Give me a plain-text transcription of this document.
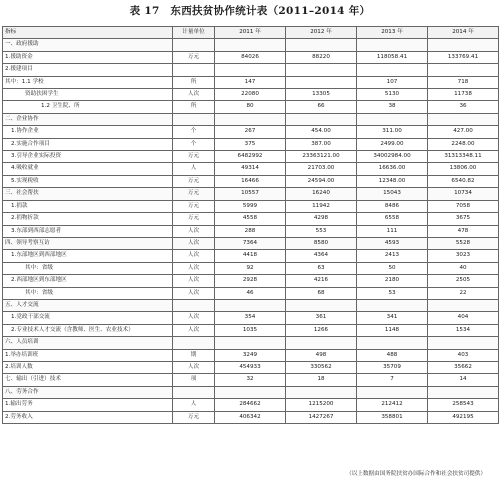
表 17　东西扶贫协作统计表（2011–2014 年）
指标	计量单位	2011 年	2012 年	2013 年	2014 年
一、政府援助					
1.援助资金	万元	84026	88220	118058.41	133769.41
2.援建项目					
其中：1.1 学校	所	147		107	718
资助扶困学生	人次	22080	13305	5130	11738
1.2 卫生院、所	所	80	66	38	36
二、企业协作					
1.协作企业	个	267	454.00	311.00	427.00
2.实施合作项目	个	375	387.00	2499.00	2248.00
3.引导企业实际投资	万元	6482992	23363121.00	34002984.00	31313348.11
4.吸收就业	人	49314	21703.00	16636.00	13806.00
5.实现税收	万元	16466	24594.00	12348.00	6540.82
三、社会帮扶	万元	10557	16240	15043	10734
1.捐款	万元	5999	11942	8486	7058
2.捐物折款	万元	4558	4298	6558	3675
3.东部到西部志愿者	人次	288	553	111	478
四、领导考察互访	人次	7364	8580	4593	5528
1.东部地区到西部地区	人次	4418	4364	2413	3023
其中：省级	人次	92	63	50	40
2.西部地区到东部地区	人次	2928	4216	2180	2505
其中：省级	人次	46	68	53	22
五、人才交流					
1.党政干部交流	人次	354	361	341	404
2.专业技术人才交流（含教师、医生、农业技术）	人次	1035	1266	1148	1534
六、人员培训					
1.举办培训班	期	3249	498	488	403
2.培训人数	人次	454933	330562	35709	35662
七、输出（引进）技术	项	32	18	7	14
八、劳务合作					
1.输出劳务	人	284662	1215200	212412	258543
2.劳务收入	万元	406342	1427267	358801	492195
（以上数据由国务院扶贫办国际合作和社会扶贫司提供）
